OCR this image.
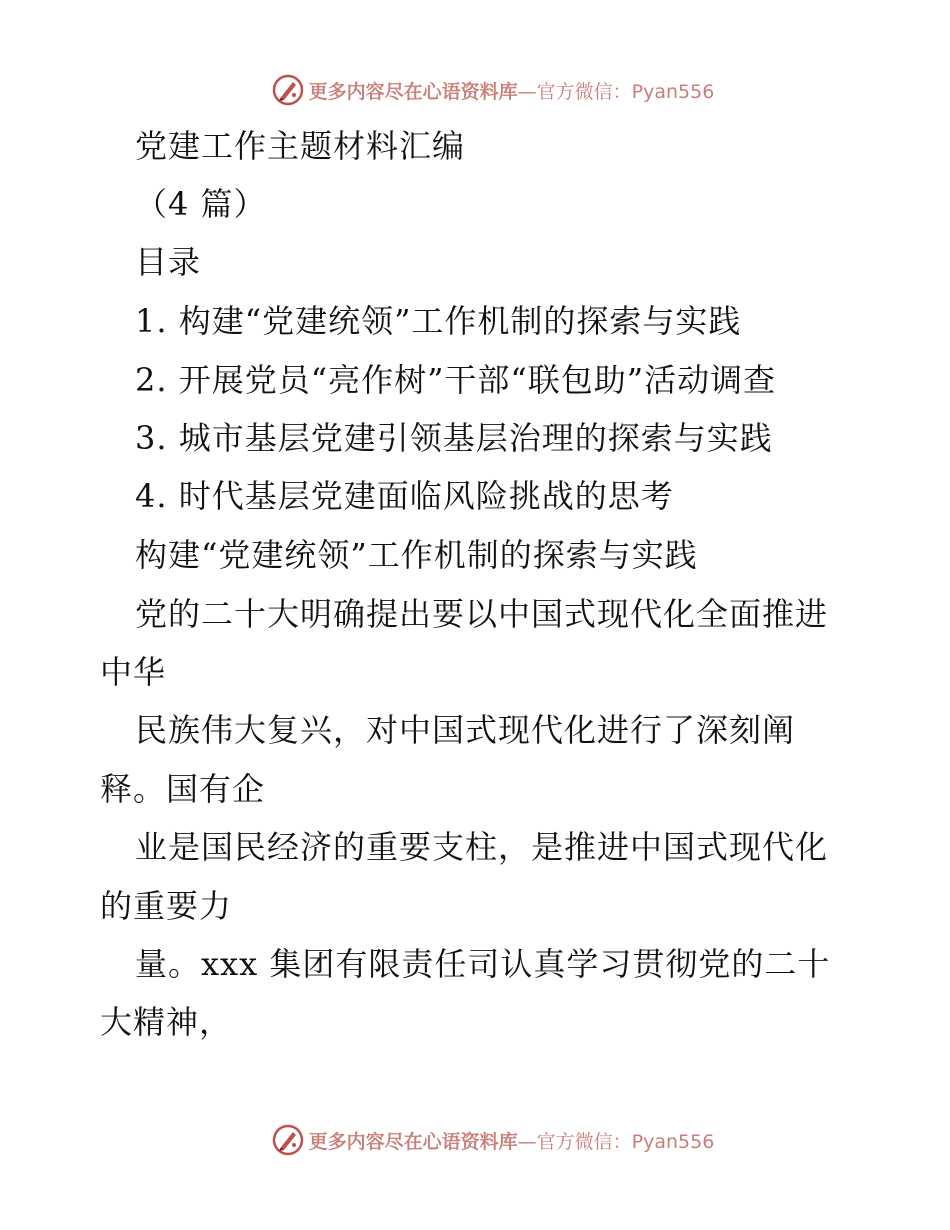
更多内容尽在心语资料库—官方微信：Pyan556
党建工作主题材料汇编
（4 篇）
目录
1. 构建“党建统领”工作机制的探索与实践
2. 开展党员“亮作树”干部“联包助”活动调查
3. 城市基层党建引领基层治理的探索与实践
4. 时代基层党建面临风险挑战的思考
构建“党建统领”工作机制的探索与实践
党的二十大明确提出要以中国式现代化全面推进
中华
民族伟大复兴，对中国式现代化进行了深刻阐
释。国有企
业是国民经济的重要支柱，是推进中国式现代化
的重要力
量。xxx 集团有限责任司认真学习贯彻党的二十
大精神，
更多内容尽在心语资料库—官方微信：Pyan556
